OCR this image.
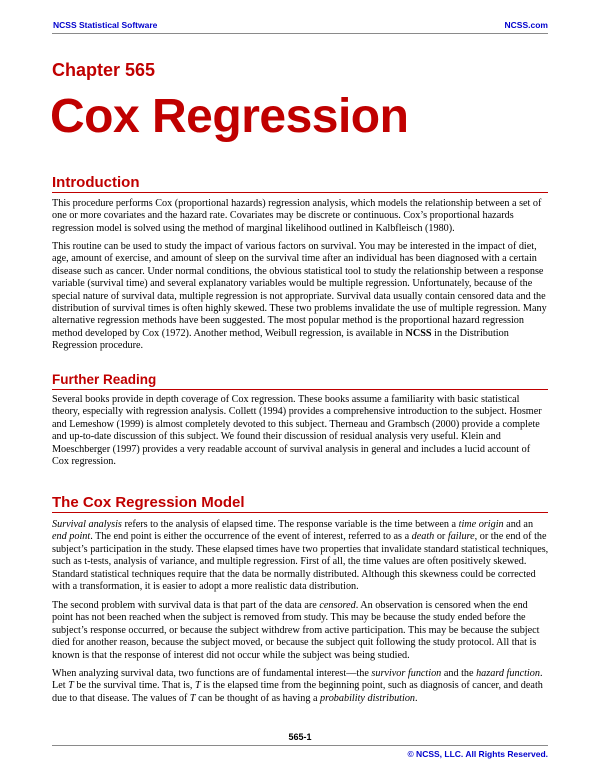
NCSS Statistical Software	NCSS.com
Chapter 565
Cox Regression
Introduction

This procedure performs Cox (proportional hazards) regression analysis, which models the relationship between a set of one or more covariates and the hazard rate. Covariates may be discrete or continuous. Cox’s proportional hazards regression model is solved using the method of marginal likelihood outlined in Kalbfleisch (1980).

This routine can be used to study the impact of various factors on survival. You may be interested in the impact of diet, age, amount of exercise, and amount of sleep on the survival time after an individual has been diagnosed with a certain disease such as cancer. Under normal conditions, the obvious statistical tool to study the relationship between a response variable (survival time) and several explanatory variables would be multiple regression. Unfortunately, because of the special nature of survival data, multiple regression is not appropriate. Survival data usually contain censored data and the distribution of survival times is often highly skewed. These two problems invalidate the use of multiple regression. Many alternative regression methods have been suggested. The most popular method is the proportional hazard regression method developed by Cox (1972). Another method, Weibull regression, is available in NCSS in the Distribution Regression procedure.

Further Reading

Several books provide in depth coverage of Cox regression. These books assume a familiarity with basic statistical theory, especially with regression analysis. Collett (1994) provides a comprehensive introduction to the subject. Hosmer and Lemeshow (1999) is almost completely devoted to this subject. Therneau and Grambsch (2000) provide a complete and up-to-date discussion of this subject. We found their discussion of residual analysis very useful. Klein and Moeschberger (1997) provides a very readable account of survival analysis in general and includes a lucid account of Cox regression.

The Cox Regression Model

Survival analysis refers to the analysis of elapsed time. The response variable is the time between a time origin and an end point. The end point is either the occurrence of the event of interest, referred to as a death or failure, or the end of the subject’s participation in the study. These elapsed times have two properties that invalidate standard statistical techniques, such as t-tests, analysis of variance, and multiple regression. First of all, the time values are often positively skewed. Standard statistical techniques require that the data be normally distributed. Although this skewness could be corrected with a transformation, it is easier to adopt a more realistic data distribution.

The second problem with survival data is that part of the data are censored. An observation is censored when the end point has not been reached when the subject is removed from study. This may be because the study ended before the subject’s response occurred, or because the subject withdrew from active participation. This may be because the subject died for another reason, because the subject moved, or because the subject quit following the study protocol. All that is known is that the response of interest did not occur while the subject was being studied.

When analyzing survival data, two functions are of fundamental interest—the survivor function and the hazard function. Let T be the survival time. That is, T is the elapsed time from the beginning point, such as diagnosis of cancer, and death due to that disease. The values of T can be thought of as having a probability distribution.

565-1
© NCSS, LLC. All Rights Reserved.
